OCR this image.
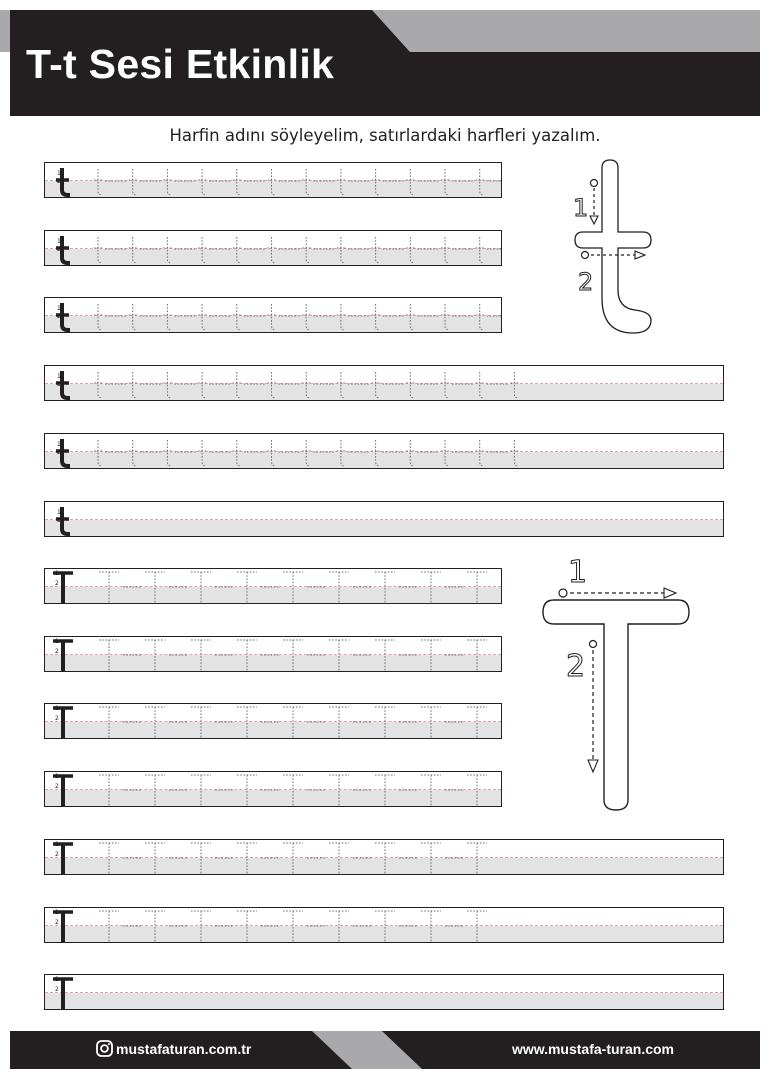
T-t Sesi Etkinlik
Harfin adını söyleyelim, satırlardaki harfleri yazalım.
1
2
1
2
1
2
1
2
1
2
1
2
1
2
1
2
1
2
1
2
1
2
1
2
1
2
1
2
1
2
mustafaturan.com.tr	www.mustafa-turan.com
